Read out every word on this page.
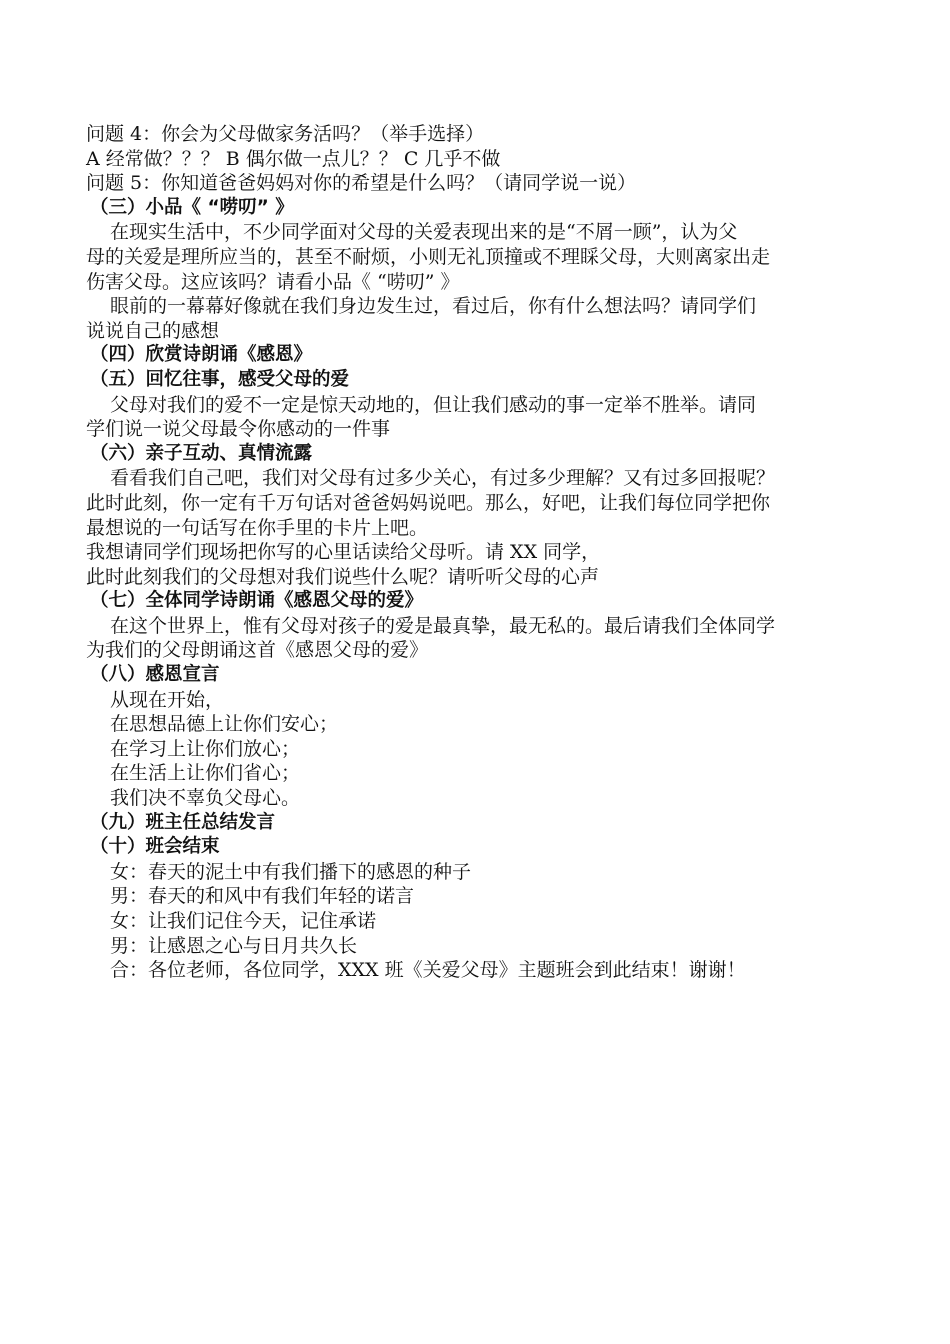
问题 4：你会为父母做家务活吗？（举手选择）
A 经常做？？？ B 偶尔做一点儿？？ C 几乎不做
问题 5：你知道爸爸妈妈对你的希望是什么吗？（请同学说一说）
（三）小品《 “唠叨” 》
在现实生活中，不少同学面对父母的关爱表现出来的是“不屑一顾”，认为父
母的关爱是理所应当的，甚至不耐烦，小则无礼顶撞或不理睬父母，大则离家出走
伤害父母。这应该吗？请看小品《 “唠叨” 》
眼前的一幕幕好像就在我们身边发生过，看过后，你有什么想法吗？请同学们
说说自己的感想
（四）欣赏诗朗诵《感恩》
（五）回忆往事，感受父母的爱
父母对我们的爱不一定是惊天动地的，但让我们感动的事一定举不胜举。请同
学们说一说父母最令你感动的一件事
（六）亲子互动、真情流露
看看我们自己吧，我们对父母有过多少关心，有过多少理解？又有过多回报呢？
此时此刻，你一定有千万句话对爸爸妈妈说吧。那么，好吧，让我们每位同学把你
最想说的一句话写在你手里的卡片上吧。
我想请同学们现场把你写的心里话读给父母听。请 XX 同学，
此时此刻我们的父母想对我们说些什么呢？请听听父母的心声
（七）全体同学诗朗诵《感恩父母的爱》
在这个世界上，惟有父母对孩子的爱是最真挚，最无私的。最后请我们全体同学
为我们的父母朗诵这首《感恩父母的爱》
（八）感恩宣言
从现在开始，
在思想品德上让你们安心；
在学习上让你们放心；
在生活上让你们省心；
我们决不辜负父母心。
（九）班主任总结发言
（十）班会结束
女：春天的泥土中有我们播下的感恩的种子
男：春天的和风中有我们年轻的诺言
女：让我们记住今天，记住承诺
男：让感恩之心与日月共久长
合：各位老师，各位同学，XXX 班《关爱父母》主题班会到此结束！谢谢！
